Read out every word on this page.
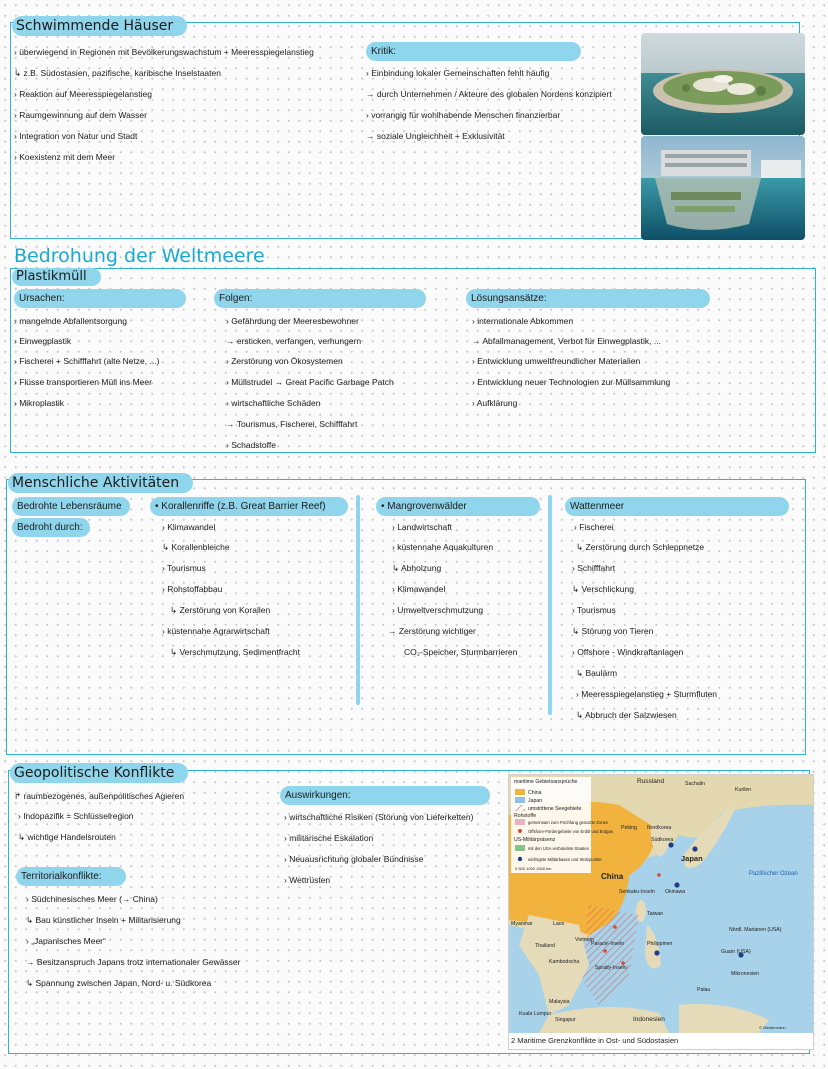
Schwimmende Häuser
› überwiegend in Regionen mit Bevölkerungswachstum + Meeresspiegelanstieg
↳ z.B. Südostasien, pazifische, karibische Inselstaaten
› Reaktion auf Meeresspiegelanstieg
› Raumgewinnung auf dem Wasser
› Integration von Natur und Stadt
› Koexistenz mit dem Meer
Kritik:
› Einbindung lokaler Gemeinschaften fehlt häufig
→ durch Unternehmen / Akteure des globalen Nordens konzipiert
› vorrangig für wohlhabende Menschen finanzierbar
→ soziale Ungleichheit + Exklusivität
Bedrohung der Weltmeere
Plastikmüll
Ursachen:
› mangelnde Abfallentsorgung
› Einwegplastik
› Fischerei + Schifffahrt (alte Netze, ...)
› Flüsse transportieren Müll ins Meer
› Mikroplastik
Folgen:
› Gefährdung der Meeresbewohner
→ ersticken, verfangen, verhungern
› Zerstörung von Ökosystemen
› Müllstrudel → Great Pacific Garbage Patch
› wirtschaftliche Schäden
→ Tourismus, Fischerei, Schifffahrt
› Schadstoffe
Lösungsansätze:
› internationale Abkommen
→ Abfallmanagement, Verbot für Einwegplastik, ...
› Entwicklung umweltfreundlicher Materialien
› Entwicklung neuer Technologien zur Müllsammlung
› Aufklärung
Menschliche Aktivitäten
Bedrohte Lebensräume
Bedroht durch:
• Korallenriffe (z.B. Great Barrier Reef)
› Klimawandel
↳ Korallenbleiche
› Tourismus
› Rohstoffabbau
↳ Zerstörung von Korallen
› küstennahe Agrarwirtschaft
↳ Verschmutzung, Sedimentfracht
• Mangrovenwälder
› Landwirtschaft
› küstennahe Aquakulturen
↳ Abholzung
› Klimawandel
› Umweltverschmutzung
→ Zerstörung wichtiger
CO₂-Speicher, Sturmbarrieren
Wattenmeer
› Fischerei
↳ Zerstörung durch Schleppnetze
› Schifffahrt
↳ Verschlickung
› Tourismus
↳ Störung von Tieren
› Offshore - Windkraftanlagen
↳ Baulärm
› Meeresspiegelanstieg + Sturmfluten
↳ Abbruch der Salzwiesen
Geopolitische Konflikte
↱ raumbezogenes, außenpolitisches Agieren
› Indopazifik = Schlüsselregion
↳ wichtige Handelsrouten
Territorialkonflikte:
› Südchinesisches Meer (→ China)
↳ Bau künstlicher Inseln + Militarisierung
› „Japanisches Meer“
→ Besitzanspruch Japans trotz internationaler Gewässer
↳ Spannung zwischen Japan, Nord- u. Südkorea
Auswirkungen:
› wirtschaftliche Risiken (Störung von Lieferketten)
› militärische Eskalation
› Neuausrichtung globaler Bündnisse
› Wettrüsten
maritime Gebietsansprüche
China
Japan
umstrittene Seegebiete
Rohstoffe
gemeinsam zum Fischfang genutzte Zonen
Offshore-Fördergebiete von Erdöl und Erdgas
US-Militärpräsenz
mit den USA verbündete Staaten
wichtigste Militärbasen und Stützpunkte
0 500 1000 1500 km
Russland	Sachalin
Kurilen
Nordkorea
Südkorea
Peking
Japan
China
Senkaku-Inseln Okinawa
Taiwan
Myanmar	Laos
Thailand
Vietnam
Kambodscha
Paracel-Inseln
Spratly-Inseln
Philippinen
Pazifischer Ozean
Nördl. Marianen (USA)
Guam (USA)
Mikronesien
Palau
Malaysia
Kuala Lumpur
Singapur	Indonesien
© Westermann
2 Maritime Grenzkonflikte in Ost- und Südostasien
